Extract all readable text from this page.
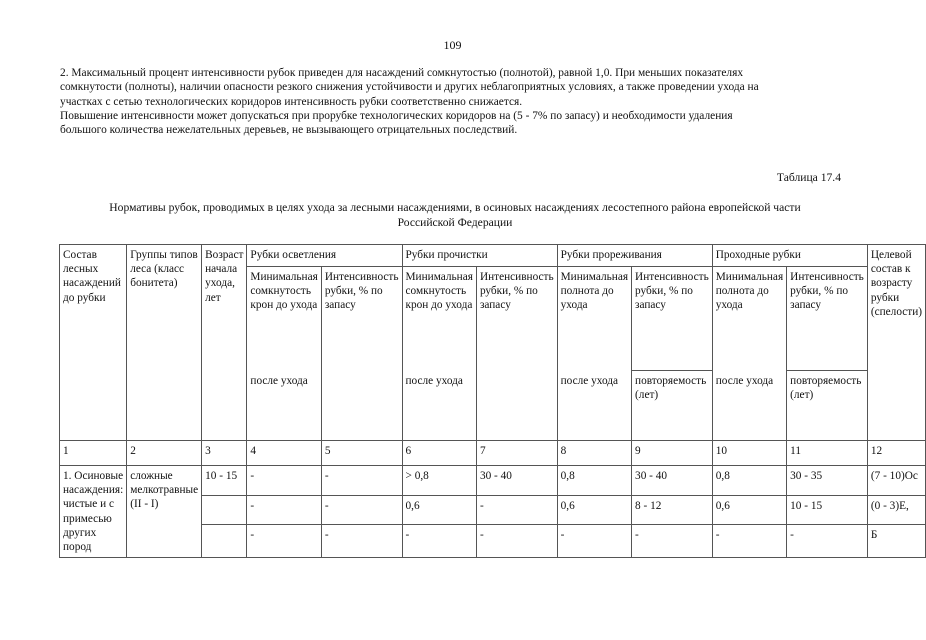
109

2. Максимальный процент интенсивности рубок приведен для насаждений сомкнутостью (полнотой), равной 1,0. При меньших показателях

сомкнутости (полноты), наличии опасности резкого снижения устойчивости и других неблагоприятных условиях, а также проведении ухода на

участках с сетью технологических коридоров интенсивность рубки соответственно снижается.

Повышение интенсивности может допускаться при прорубке технологических коридоров на (5 - 7% по запасу) и необходимости удаления

большого количества нежелательных деревьев, не вызывающего отрицательных последствий.

Таблица 17.4
Нормативы рубок, проводимых в целях ухода за лесными насаждениями, в осиновых насаждениях лесостепного района европейской части
Российской Федерации
Состав лесных насаждений до рубки	Группы типов леса (класс бонитета)	Возраст начала ухода, лет	Рубки осветления		Рубки прочистки		Рубки прореживания		Проходные рубки		Целевой состав к возрасту рубки (спелости)
			Минимальная сомкнутость крон до ухода	Интенсивность рубки, % по запасу	Минимальная сомкнутость крон до ухода	Интенсивность рубки, % по запасу	Минимальная полнота до ухода	Интенсивность рубки, % по запасу	Минимальная полнота до ухода	Интенсивность рубки, % по запасу	
			после ухода		после ухода		после ухода	повторяемость (лет)	после ухода	повторяемость (лет)	
1	2	3	4	5	6	7	8	9	10	11	12
1. Осиновые насаждения: чистые и с примесью других пород	сложные мелкотравные (II - I)	10 - 15	-	-	> 0,8	30 - 40	0,8	30 - 40	0,8	30 - 35	(7 - 10)Ос
			-	-	0,6	-	0,6	8 - 12	0,6	10 - 15	(0 - 3)Е,
			-	-	-	-	-	-	-	-	Б
